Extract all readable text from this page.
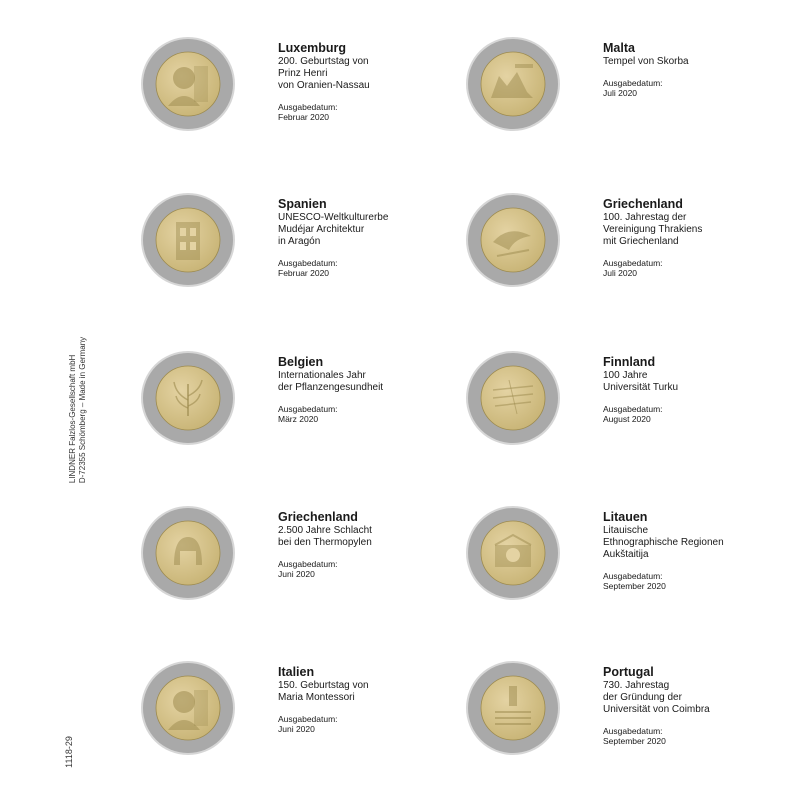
LINDNER Falzlos-Gesellschaft mbH D-72355 Schömberg – Made in Germany
1118-29
Luxemburg
200. Geburtstag von
Prinz Henri
von Oranien-Nassau
Ausgabedatum:
Februar 2020
Malta
Tempel von Skorba
Ausgabedatum:
Juli 2020
Spanien
UNESCO-Weltkulturerbe
Mudéjar Architektur
in Aragón
Ausgabedatum:
Februar 2020
Griechenland
100. Jahrestag der
Vereinigung Thrakiens
mit Griechenland
Ausgabedatum:
Juli 2020
Belgien
Internationales Jahr
der Pflanzengesundheit
Ausgabedatum:
März 2020
Finnland
100 Jahre
Universität Turku
Ausgabedatum:
August 2020
Griechenland
2.500 Jahre Schlacht
bei den Thermopylen
Ausgabedatum:
Juni 2020
Litauen
Litauische
Ethnographische Regionen
Aukštaitija
Ausgabedatum:
September 2020
Italien
150. Geburtstag von
Maria Montessori
Ausgabedatum:
Juni 2020
Portugal
730. Jahrestag
der Gründung der
Universität von Coimbra
Ausgabedatum:
September 2020
